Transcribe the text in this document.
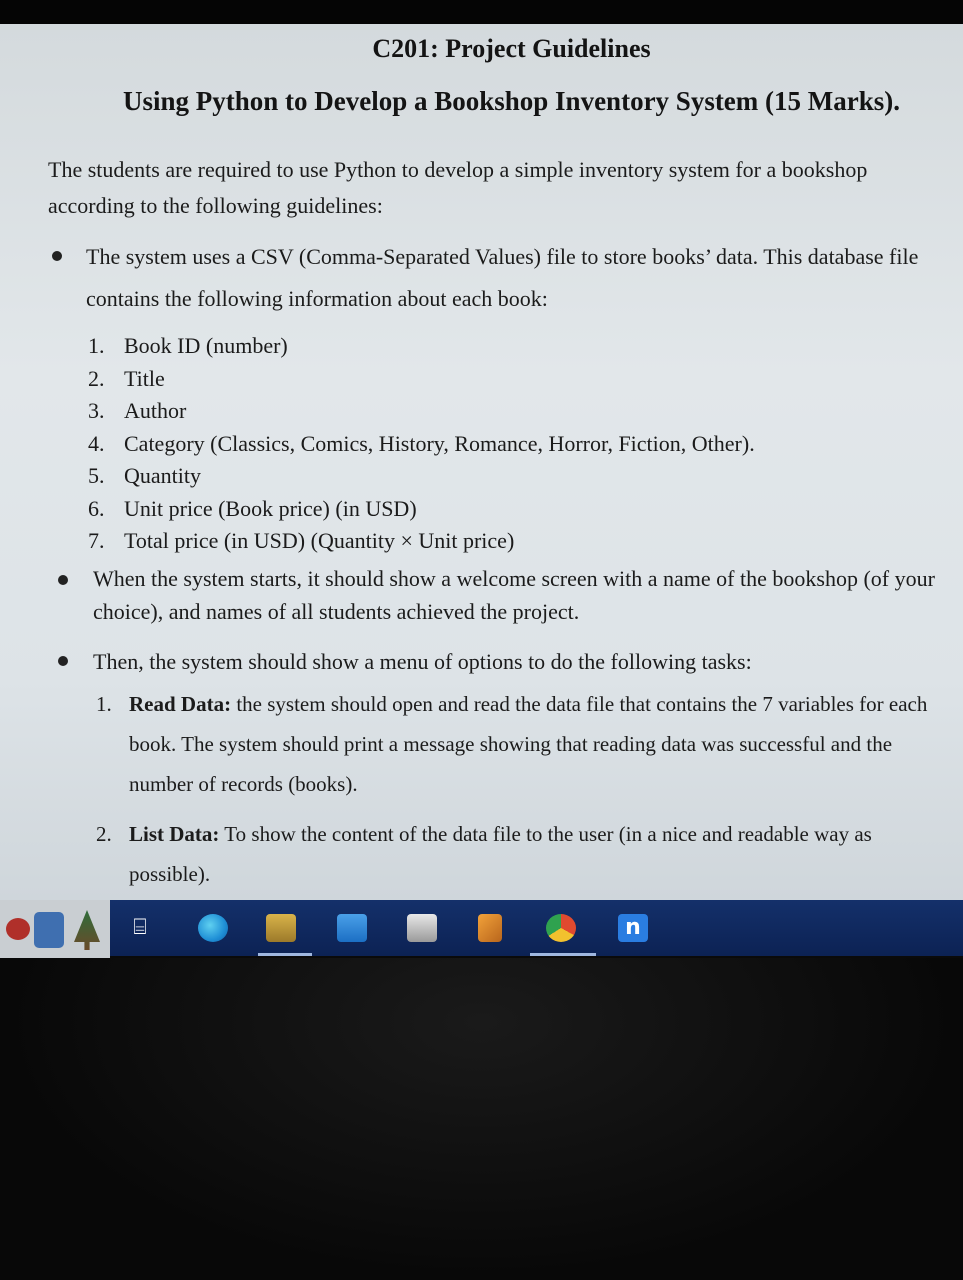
C201: Project Guidelines
Using Python to Develop a Bookshop Inventory System (15 Marks).
The students are required to use Python to develop a simple inventory system for a bookshop according to the following guidelines:
The system uses a CSV (Comma-Separated Values) file to store books’ data. This database file contains the following information about each book:
1. Book ID (number)
2. Title
3. Author
4. Category (Classics, Comics, History, Romance, Horror, Fiction, Other).
5. Quantity
6. Unit price (Book price) (in USD)
7. Total price (in USD) (Quantity × Unit price)
When the system starts, it should show a welcome screen with a name of the bookshop (of your choice), and names of all students achieved the project.
Then, the system should show a menu of options to do the following tasks:
1. Read Data: the system should open and read the data file that contains the 7 variables for each book. The system should print a message showing that reading data was successful and the number of records (books).
2. List Data: To show the content of the data file to the user (in a nice and readable way as possible).
⌸	n
